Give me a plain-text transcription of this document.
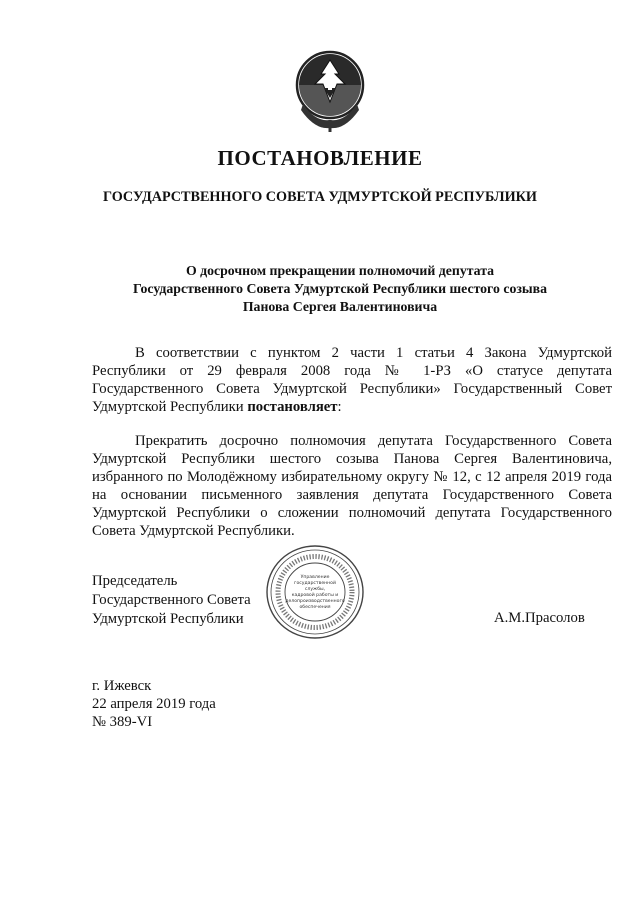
ПОСТАНОВЛЕНИЕ
ГОСУДАРСТВЕННОГО СОВЕТА УДМУРТСКОЙ РЕСПУБЛИКИ
О досрочном прекращении полномочий депутата
Государственного Совета Удмуртской Республики шестого созыва
Панова Сергея Валентиновича

В соответствии с пунктом 2 части 1 статьи 4 Закона Удмуртской Республики от 29 февраля 2008 года № 1-РЗ «О статусе депутата Государственного Совета Удмуртской Республики» Государственный Совет Удмуртской Республики постановляет:

Прекратить досрочно полномочия депутата Государственного Совета Удмуртской Республики шестого созыва Панова Сергея Валентиновича, избранного по Молодёжному избирательному округу № 12, с 12 апреля 2019 года на основании письменного заявления депутата Государственного Совета Удмуртской Республики о сложении полномочий депутата Государственного Совета Удмуртской Республики.

Председатель
Государственного Совета
Удмуртской Республики
Управление
государственной
службы,
кадровой работы и
делопроизводственного
обеспечения
А.М.Прасолов
г. Ижевск
22 апреля 2019 года
№ 389-VI
